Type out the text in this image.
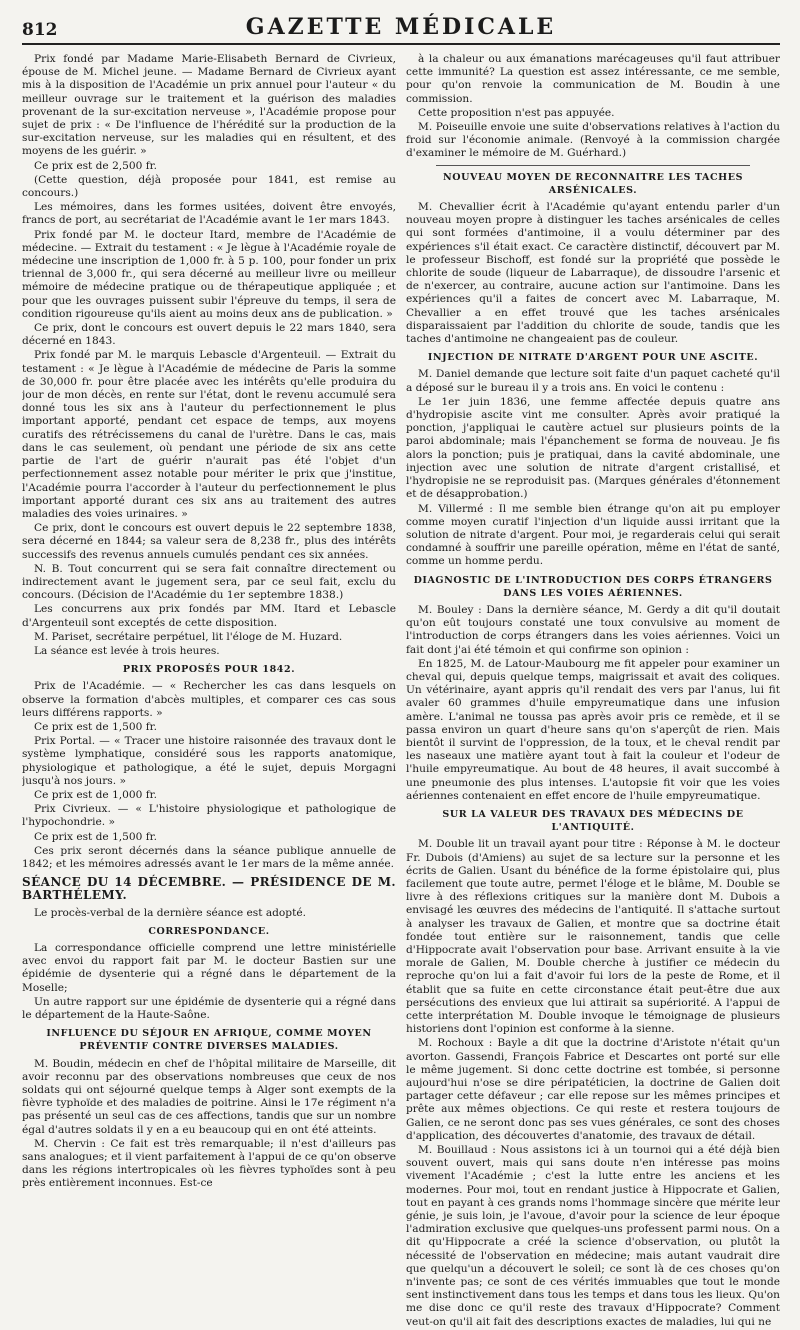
812	GAZETTE MÉDICALE

Prix fondé par Madame Marie-Elisabeth Bernard de Civrieux, épouse de M. Michel jeune. — Madame Bernard de Civrieux ayant mis à la disposition de l'Académie un prix annuel pour l'auteur « du meilleur ouvrage sur le traitement et la guérison des maladies provenant de la sur-excitation nerveuse », l'Académie propose pour sujet de prix : « De l'influence de l'hérédité sur la production de la sur-excitation nerveuse, sur les maladies qui en résultent, et des moyens de les guérir. »

Ce prix est de 2,500 fr.

(Cette question, déjà proposée pour 1841, est remise au concours.)

Les mémoires, dans les formes usitées, doivent être envoyés, francs de port, au secrétariat de l'Académie avant le 1er mars 1843.

Prix fondé par M. le docteur Itard, membre de l'Académie de médecine. — Extrait du testament : « Je lègue à l'Académie royale de médecine une inscription de 1,000 fr. à 5 p. 100, pour fonder un prix triennal de 3,000 fr., qui sera décerné au meilleur livre ou meilleur mémoire de médecine pratique ou de thérapeutique appliquée ; et pour que les ouvrages puissent subir l'épreuve du temps, il sera de condition rigoureuse qu'ils aient au moins deux ans de publication. »

Ce prix, dont le concours est ouvert depuis le 22 mars 1840, sera décerné en 1843.

Prix fondé par M. le marquis Lebascle d'Argenteuil. — Extrait du testament : « Je lègue à l'Académie de médecine de Paris la somme de 30,000 fr. pour être placée avec les intérêts qu'elle produira du jour de mon décès, en rente sur l'état, dont le revenu accumulé sera donné tous les six ans à l'auteur du perfectionnement le plus important apporté, pendant cet espace de temps, aux moyens curatifs des rétrécissemens du canal de l'urètre. Dans le cas, mais dans le cas seulement, où pendant une période de six ans cette partie de l'art de guérir n'aurait pas été l'objet d'un perfectionnement assez notable pour mériter le prix que j'institue, l'Académie pourra l'accorder à l'auteur du perfectionnement le plus important apporté durant ces six ans au traitement des autres maladies des voies urinaires. »

Ce prix, dont le concours est ouvert depuis le 22 septembre 1838, sera décerné en 1844; sa valeur sera de 8,238 fr., plus des intérêts successifs des revenus annuels cumulés pendant ces six années.

N. B. Tout concurrent qui se sera fait connaître directement ou indirectement avant le jugement sera, par ce seul fait, exclu du concours. (Décision de l'Académie du 1er septembre 1838.)

Les concurrens aux prix fondés par MM. Itard et Lebascle d'Argenteuil sont exceptés de cette disposition.

M. Pariset, secrétaire perpétuel, lit l'éloge de M. Huzard.

La séance est levée à trois heures.

PRIX PROPOSÉS POUR 1842.

Prix de l'Académie. — « Rechercher les cas dans lesquels on observe la formation d'abcès multiples, et comparer ces cas sous leurs différens rapports. »

Ce prix est de 1,500 fr.

Prix Portal. — « Tracer une histoire raisonnée des travaux dont le système lymphatique, considéré sous les rapports anatomique, physiologique et pathologique, a été le sujet, depuis Morgagni jusqu'à nos jours. »

Ce prix est de 1,000 fr.

Prix Civrieux. — « L'histoire physiologique et pathologique de l'hypochondrie. »

Ce prix est de 1,500 fr.

Ces prix seront décernés dans la séance publique annuelle de 1842; et les mémoires adressés avant le 1er mars de la même année.

SÉANCE DU 14 DÉCEMBRE. — PRÉSIDENCE DE M. BARTHÉLEMY.

Le procès-verbal de la dernière séance est adopté.

CORRESPONDANCE.

La correspondance officielle comprend une lettre ministérielle avec envoi du rapport fait par M. le docteur Bastien sur une épidémie de dysenterie qui a régné dans le département de la Moselle;

Un autre rapport sur une épidémie de dysenterie qui a régné dans le département de la Haute-Saône.

INFLUENCE DU SÉJOUR EN AFRIQUE, COMME MOYEN PRÉVENTIF CONTRE DIVERSES MALADIES.

M. Boudin, médecin en chef de l'hôpital militaire de Marseille, dit avoir reconnu par des observations nombreuses que ceux de nos soldats qui ont séjourné quelque temps à Alger sont exempts de la fièvre typhoïde et des maladies de poitrine. Ainsi le 17e régiment n'a pas présenté un seul cas de ces affections, tandis que sur un nombre égal d'autres soldats il y en a eu beaucoup qui en ont été atteints.

M. Chervin : Ce fait est très remarquable; il n'est d'ailleurs pas sans analogues; et il vient parfaitement à l'appui de ce qu'on observe dans les régions intertropicales où les fièvres typhoïdes sont à peu près entièrement inconnues. Est-ce

à la chaleur ou aux émanations marécageuses qu'il faut attribuer cette immunité? La question est assez intéressante, ce me semble, pour qu'on renvoie la communication de M. Boudin à une commission.

Cette proposition n'est pas appuyée.

M. Poiseuille envoie une suite d'observations relatives à l'action du froid sur l'économie animale. (Renvoyé à la commission chargée d'examiner le mémoire de M. Guérhard.)

NOUVEAU MOYEN DE RECONNAITRE LES TACHES ARSÉNICALES.

M. Chevallier écrit à l'Académie qu'ayant entendu parler d'un nouveau moyen propre à distinguer les taches arsénicales de celles qui sont formées d'antimoine, il a voulu déterminer par des expériences s'il était exact. Ce caractère distinctif, découvert par M. le professeur Bischoff, est fondé sur la propriété que possède le chlorite de soude (liqueur de Labarraque), de dissoudre l'arsenic et de n'exercer, au contraire, aucune action sur l'antimoine. Dans les expériences qu'il a faites de concert avec M. Labarraque, M. Chevallier a en effet trouvé que les taches arsénicales disparaissaient par l'addition du chlorite de soude, tandis que les taches d'antimoine ne changeaient pas de couleur.

INJECTION DE NITRATE D'ARGENT POUR UNE ASCITE.

M. Daniel demande que lecture soit faite d'un paquet cacheté qu'il a déposé sur le bureau il y a trois ans. En voici le contenu :

Le 1er juin 1836, une femme affectée depuis quatre ans d'hydropisie ascite vint me consulter. Après avoir pratiqué la ponction, j'appliquai le cautère actuel sur plusieurs points de la paroi abdominale; mais l'épanchement se forma de nouveau. Je fis alors la ponction; puis je pratiquai, dans la cavité abdominale, une injection avec une solution de nitrate d'argent cristallisé, et l'hydropisie ne se reproduisit pas. (Marques générales d'étonnement et de désapprobation.)

M. Villermé : Il me semble bien étrange qu'on ait pu employer comme moyen curatif l'injection d'un liquide aussi irritant que la solution de nitrate d'argent. Pour moi, je regarderais celui qui serait condamné à souffrir une pareille opération, même en l'état de santé, comme un homme perdu.

DIAGNOSTIC DE L'INTRODUCTION DES CORPS ÉTRANGERS DANS LES VOIES AÉRIENNES.

M. Bouley : Dans la dernière séance, M. Gerdy a dit qu'il doutait qu'on eût toujours constaté une toux convulsive au moment de l'introduction de corps étrangers dans les voies aériennes. Voici un fait dont j'ai été témoin et qui confirme son opinion :

En 1825, M. de Latour-Maubourg me fit appeler pour examiner un cheval qui, depuis quelque temps, maigrissait et avait des coliques. Un vétérinaire, ayant appris qu'il rendait des vers par l'anus, lui fit avaler 60 grammes d'huile empyreumatique dans une infusion amère. L'animal ne toussa pas après avoir pris ce remède, et il se passa environ un quart d'heure sans qu'on s'aperçût de rien. Mais bientôt il survint de l'oppression, de la toux, et le cheval rendit par les naseaux une matière ayant tout à fait la couleur et l'odeur de l'huile empyreumatique. Au bout de 48 heures, il avait succombé à une pneumonie des plus intenses. L'autopsie fit voir que les voies aériennes contenaient en effet encore de l'huile empyreumatique.

SUR LA VALEUR DES TRAVAUX DES MÉDECINS DE L'ANTIQUITÉ.

M. Double lit un travail ayant pour titre : Réponse à M. le docteur Fr. Dubois (d'Amiens) au sujet de sa lecture sur la personne et les écrits de Galien. Usant du bénéfice de la forme épistolaire qui, plus facilement que toute autre, permet l'éloge et le blâme, M. Double se livre à des réflexions critiques sur la manière dont M. Dubois a envisagé les œuvres des médecins de l'antiquité. Il s'attache surtout à analyser les travaux de Galien, et montre que sa doctrine était fondée tout entière sur le raisonnement, tandis que celle d'Hippocrate avait l'observation pour base. Arrivant ensuite à la vie morale de Galien, M. Double cherche à justifier ce médecin du reproche qu'on lui a fait d'avoir fui lors de la peste de Rome, et il établit que sa fuite en cette circonstance était peut-être due aux persécutions des envieux que lui attirait sa supériorité. A l'appui de cette interprétation M. Double invoque le témoignage de plusieurs historiens dont l'opinion est conforme à la sienne.

M. Rochoux : Bayle a dit que la doctrine d'Aristote n'était qu'un avorton. Gassendi, François Fabrice et Descartes ont porté sur elle le même jugement. Si donc cette doctrine est tombée, si personne aujourd'hui n'ose se dire péripatéticien, la doctrine de Galien doit partager cette défaveur ; car elle repose sur les mêmes principes et prête aux mêmes objections. Ce qui reste et restera toujours de Galien, ce ne seront donc pas ses vues générales, ce sont des choses d'application, des découvertes d'anatomie, des travaux de détail.

M. Bouillaud : Nous assistons ici à un tournoi qui a été déjà bien souvent ouvert, mais qui sans doute n'en intéresse pas moins vivement l'Académie ; c'est la lutte entre les anciens et les modernes. Pour moi, tout en rendant justice à Hippocrate et Galien, tout en payant à ces grands noms l'hommage sincère que mérite leur génie, je suis loin, je l'avoue, d'avoir pour la science de leur époque l'admiration exclusive que quelques-uns professent parmi nous. On a dit qu'Hippocrate a créé la science d'observation, ou plutôt la nécessité de l'observation en médecine; mais autant vaudrait dire que quelqu'un a découvert le soleil; ce sont là de ces choses qu'on n'invente pas; ce sont de ces vérités immuables que tout le monde sent instinctivement dans tous les temps et dans tous les lieux. Qu'on me dise donc ce qu'il reste des travaux d'Hippocrate? Comment veut-on qu'il ait fait des descriptions exactes de maladies, lui qui ne
